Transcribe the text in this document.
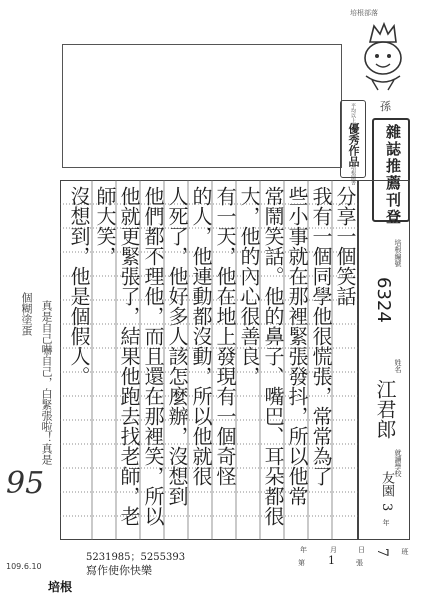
培根部落
孫
平均以上
優秀作品
培根圖書 雜誌推薦刊登
分享一個笑話
我有一個同學他很慌張，常常為了
些小事就在那裡緊張發抖，所以他常
常鬧笑話。他的鼻子、嘴巴、耳朵都很
大，他的內心很善良，
有一天，他在地上發現有一個奇怪
的人，他連動都沒動，所以他就很
人死了，他好多人該怎麼辦，沒想到
他們都不理他，而且還在那裡笑，所以
他就更緊張了，結果他跑去找老師，老
師大笑，
沒想到，他是個假人。	培根編號
6324
姓名
江君郎
就讀學校
友園
3
年
7 班
個糊塗蛋 真是自己嚇自己，白緊張啦！真是
95
109.6.10
5231985；5255393
寫作使你快樂
培根
年	月	日
第 1	張
